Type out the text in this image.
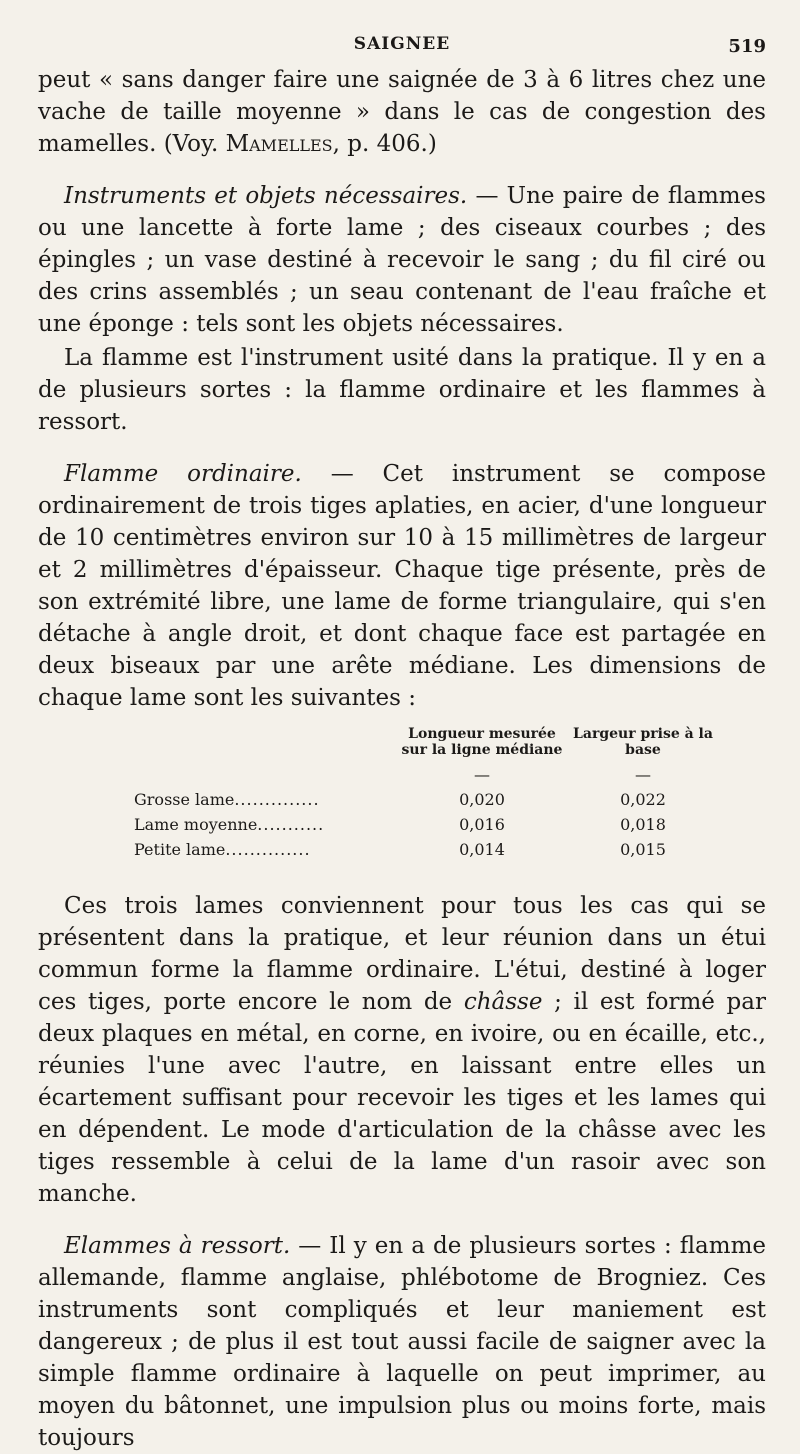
SAIGNEE	519

peut « sans danger faire une saignée de 3 à 6 litres chez une vache de taille moyenne » dans le cas de congestion des mamelles. (Voy. Mamelles, p. 406.)

Instruments et objets nécessaires. — Une paire de flammes ou une lancette à forte lame ; des ciseaux courbes ; des épingles ; un vase destiné à recevoir le sang ; du fil ciré ou des crins assemblés ; un seau contenant de l'eau fraîche et une éponge : tels sont les objets nécessaires.

La flamme est l'instrument usité dans la pratique. Il y en a de plusieurs sortes : la flamme ordinaire et les flammes à ressort.

Flamme ordinaire. — Cet instrument se compose ordinairement de trois tiges aplaties, en acier, d'une longueur de 10 centimètres environ sur 10 à 15 millimètres de largeur et 2 millimètres d'épaisseur. Chaque tige présente, près de son extrémité libre, une lame de forme triangulaire, qui s'en détache à angle droit, et dont chaque face est partagée en deux biseaux par une arête médiane. Les dimensions de chaque lame sont les suivantes :

	Longueur mesurée sur la ligne médiane	Largeur prise à la base
	—	—
Grosse lame..............	0,020	0,022
Lame moyenne...........	0,016	0,018
Petite lame..............	0,014	0,015

Ces trois lames conviennent pour tous les cas qui se présentent dans la pratique, et leur réunion dans un étui commun forme la flamme ordinaire. L'étui, destiné à loger ces tiges, porte encore le nom de châsse ; il est formé par deux plaques en métal, en corne, en ivoire, ou en écaille, etc., réunies l'une avec l'autre, en laissant entre elles un écartement suffisant pour recevoir les tiges et les lames qui en dépendent. Le mode d'articulation de la châsse avec les tiges ressemble à celui de la lame d'un rasoir avec son manche.

Elammes à ressort. — Il y en a de plusieurs sortes : flamme allemande, flamme anglaise, phlébotome de Brogniez. Ces instruments sont compliqués et leur maniement est dangereux ; de plus il est tout aussi facile de saigner avec la simple flamme ordinaire à laquelle on peut imprimer, au moyen du bâtonnet, une impulsion plus ou moins forte, mais toujours
